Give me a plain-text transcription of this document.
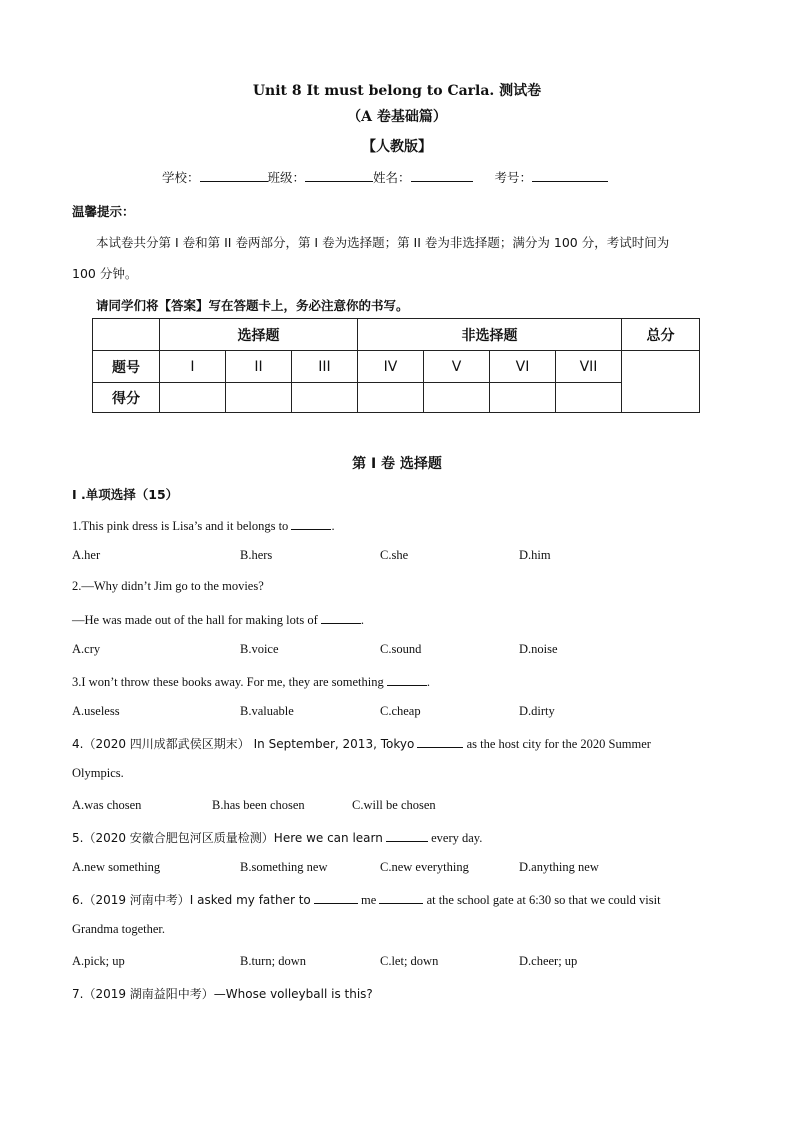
Unit 8 It must belong to Carla. 测试卷
（A 卷基础篇）
【人教版】
学校：	班级：	姓名：	考号：
温馨提示：
本试卷共分第 I 卷和第 II 卷两部分，第 I 卷为选择题；第 II 卷为非选择题；满分为 100 分，考试时间为
100 分钟。
请同学们将【答案】写在答题卡上，务必注意你的书写。
	选择题			非选择题				总分
题号	I	II	III	IV	V	VI	VII	
得分								
第 I 卷 选择题
I .单项选择（15）
1.This pink dress is Lisa’s and it belongs to	.
A.her	B.hers	C.she	D.him
2.—Why didn’t Jim go to the movies?
—He was made out of the hall for making lots of	.
A.cry	B.voice	C.sound	D.noise
3.I won’t throw these books away. For me, they are something	.
A.useless	B.valuable	C.cheap	D.dirty
4.（2020 四川成都武侯区期末） In September, 2013, Tokyo	as the host city for the 2020 Summer
Olympics.
A.was chosen	B.has been chosen	C.will be chosen
5.（2020 安徽合肥包河区质量检测）Here we can learn	every day.
A.new something	B.something new	C.new everything	D.anything new
6.（2019 河南中考）I asked my father to	me	at the school gate at 6:30 so that we could visit
Grandma together.
A.pick; up	B.turn; down	C.let; down	D.cheer; up
7.（2019 湖南益阳中考）—Whose volleyball is this?
